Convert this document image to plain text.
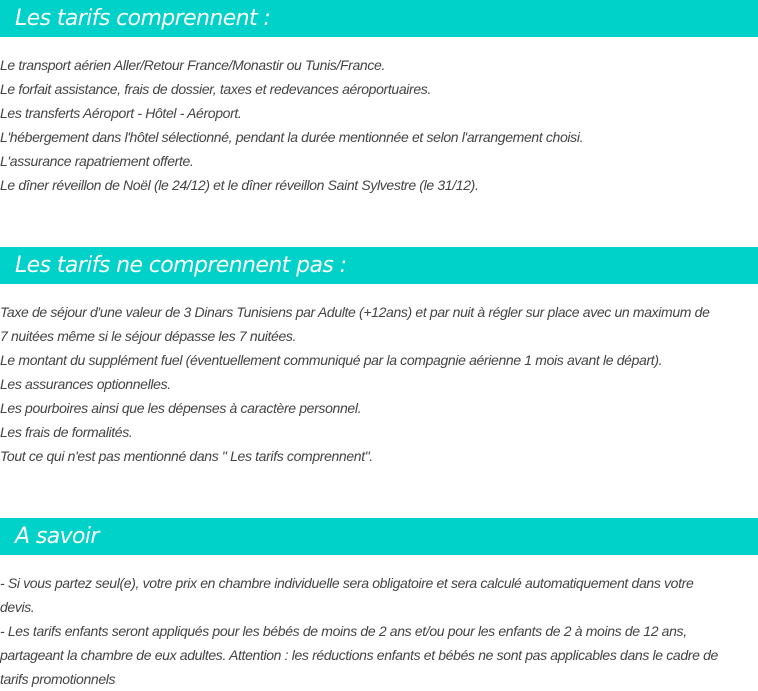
Les tarifs comprennent :
Le transport aérien Aller/Retour France/Monastir ou Tunis/France.
Le forfait assistance, frais de dossier, taxes et redevances aéroportuaires.
Les transferts Aéroport - Hôtel - Aéroport.
L'hébergement dans l'hôtel sélectionné, pendant la durée mentionnée et selon l'arrangement choisi.
L'assurance rapatriement offerte.
Le dîner réveillon de Noël (le 24/12) et le dîner réveillon Saint Sylvestre (le 31/12).
Les tarifs ne comprennent pas :
Taxe de séjour d'une valeur de 3 Dinars Tunisiens par Adulte (+12ans) et par nuit à régler sur place avec un maximum de
7 nuitées même si le séjour dépasse les 7 nuitées.
Le montant du supplément fuel (éventuellement communiqué par la compagnie aérienne 1 mois avant le départ).
Les assurances optionnelles.
Les pourboires ainsi que les dépenses à caractère personnel.
Les frais de formalités.
Tout ce qui n'est pas mentionné dans " Les tarifs comprennent".
A savoir
- Si vous partez seul(e), votre prix en chambre individuelle sera obligatoire et sera calculé automatiquement dans votre
devis.
- Les tarifs enfants seront appliqués pour les bébés de moins de 2 ans et/ou pour les enfants de 2 à moins de 12 ans,
partageant la chambre de eux adultes. Attention : les réductions enfants et bébés ne sont pas applicables dans le cadre de
tarifs promotionnels
